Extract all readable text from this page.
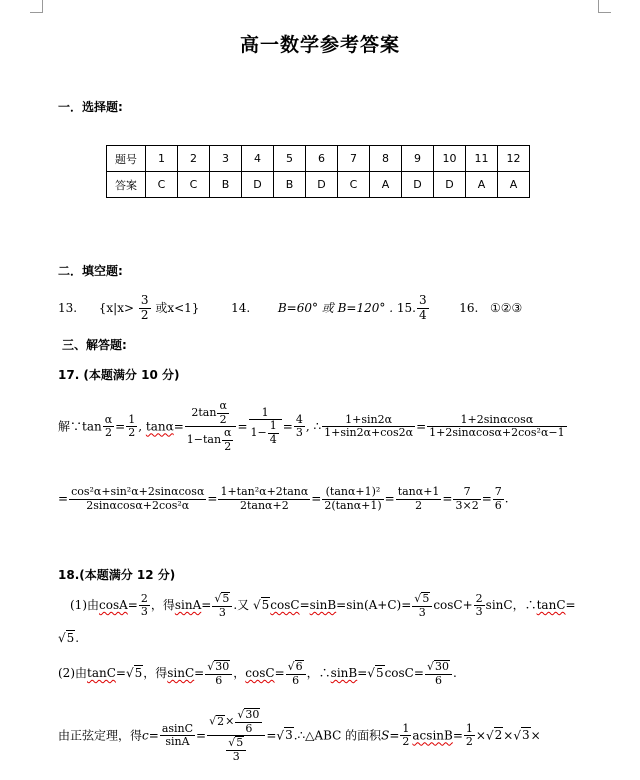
高一数学参考答案
一．选择题:
题号	1	2	3	4	5	6	7	8	9	10	11	12
答案	C	C	B	D	B	D	C	A	D	D	A	A
二．填空题:
13. {$x|x> \frac{3}{2}$ 或x<1}	14. B=60° 或 B=120° . 15. $\frac{3}{4}$	16. ①②③
三、解答题:
17. (本题满分 10 分)
解∵tan $\frac{\alpha}{2} = \frac{1}{2}$ , $\tan\alpha= \frac{2\tan \frac{\alpha}{2}}{1-\tan \frac{\alpha}{2}} = \frac{1}{1- \frac{1}{4}} = \frac{4}{3}$ , ∴ $\frac{1+\sin 2\alpha}{1+\sin 2\alpha+\cos 2\alpha} = \frac{1+2\sin\alpha\cos\alpha}{\text{1+2sinαcosα+2cos²α−1}}$
= $\frac{\text{cos²α+sin²α+2sinαcosα}}{\text{2sinαcosα+2cos²α}} = \frac{\text{1+tan²α+2tanα}}{2\tan\alpha+2} = \frac{\text{(tanα+1)²}}{2(\tan\alpha+1)} = \frac{\tan\alpha+1}{2} = \frac{7}{3\times 2} = \frac{7}{6}$ .
18.(本题满分 12 分)
(1)由$\cos A= \frac{2}{3}$ ，得$\sin A= \frac{√5}{3}$ .又 $√5\cos C=\sin B=\sin(A+C)= \frac{√5}{3} \cos C+ \frac{2}{3}$ sinC，∴tanC=
√5.
(2)由tanC=√5，得$\sin C= \frac{√30}{6}$ ，$\cos C= \frac{√6}{6}$ ，∴sinB=√5cosC= $\frac{√30}{6}$ .
由正弦定理，得$c= \frac{asinC}{\sin A} = \frac{√2\times \frac{√30}{6}}{\frac{√5}{3}}$ =√3.∴△ABC 的面积$S= \frac{1}{2} acsinB= \frac{1}{2} \times√2\times√3\times$
